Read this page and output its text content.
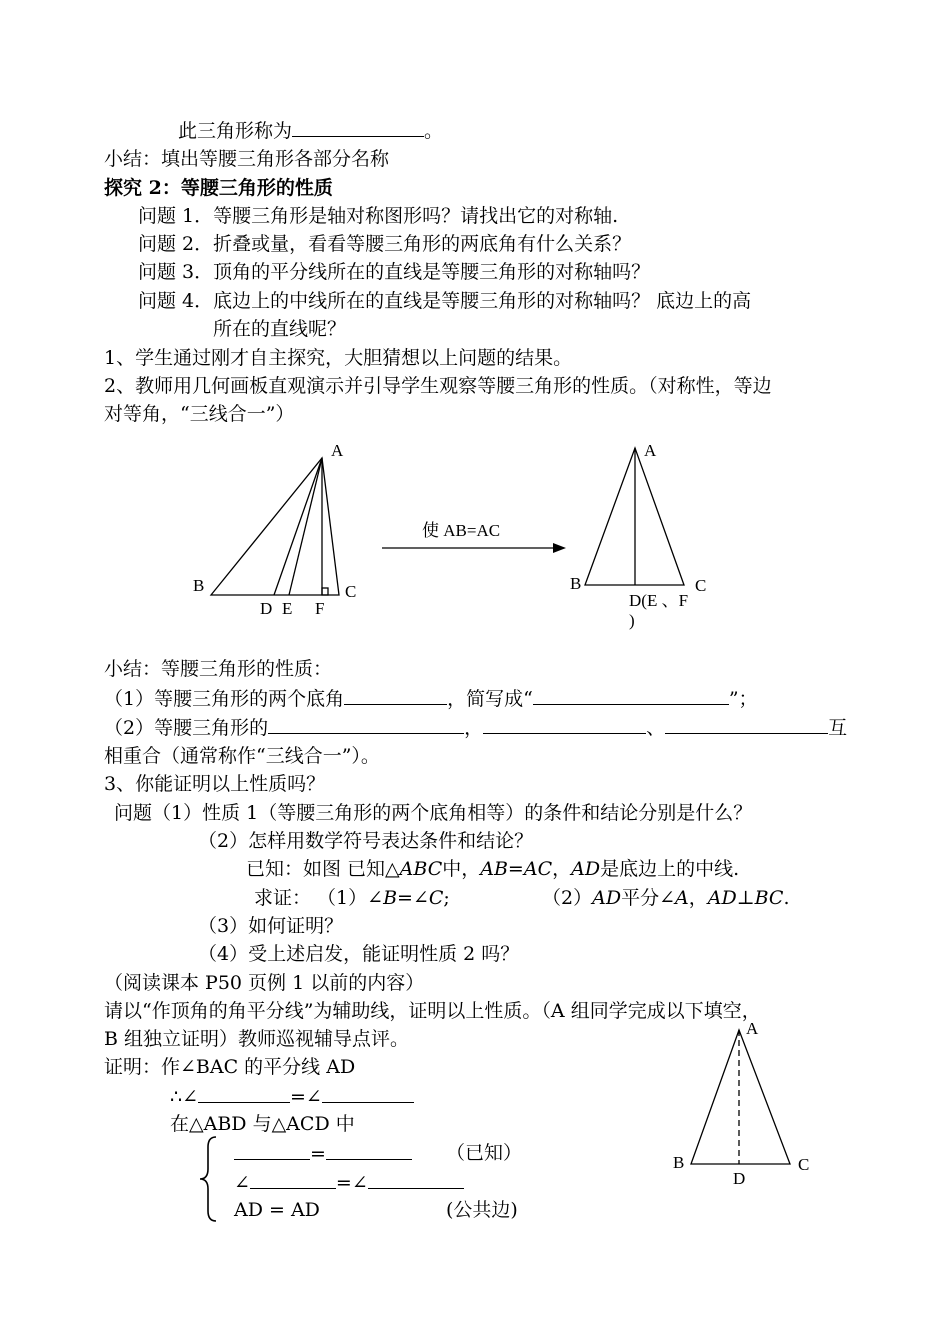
此三角形称为	。
小结：填出等腰三角形各部分名称
探究 2：等腰三角形的性质
问题 1．等腰三角形是轴对称图形吗？请找出它的对称轴.
问题 2．折叠或量，看看等腰三角形的两底角有什么关系？
问题 3．顶角的平分线所在的直线是等腰三角形的对称轴吗？
问题 4．底边上的中线所在的直线是等腰三角形的对称轴吗？ 底边上的高
所在的直线呢？
1、学生通过刚才自主探究，大胆猜想以上问题的结果。
2、教师用几何画板直观演示并引导学生观察等腰三角形的性质。（对称性，等边
对等角，“三线合一”）
A
B	C
D E F
使 AB=AC
A
B	C
D(E 、F
)
小结：等腰三角形的性质：
（1）等腰三角形的两个底角	，简写成“	”；
（2）等腰三角形的	，	、	互
相重合（通常称作“三线合一”）。
3、你能证明以上性质吗？
问题（1）性质 1（等腰三角形的两个底角相等）的条件和结论分别是什么？
（2）怎样用数学符号表达条件和结论？
已知：如图 已知△ABC中，AB=AC，AD是底边上的中线.
求证： （1）∠B=∠C;	（2）AD平分∠A，AD⊥BC.
（3）如何证明？
（4）受上述启发，能证明性质 2 吗？
（阅读课本 P50 页例 1 以前的内容）
请以“作顶角的角平分线”为辅助线，证明以上性质。（A 组同学完成以下填空，
B 组独立证明）教师巡视辅导点评。
证明：作∠BAC 的平分线 AD
∴∠	=∠
在△ABD 与△ACD 中
=	（已知）
∠	=∠
AD = AD	(公共边)
A
B	C
D
